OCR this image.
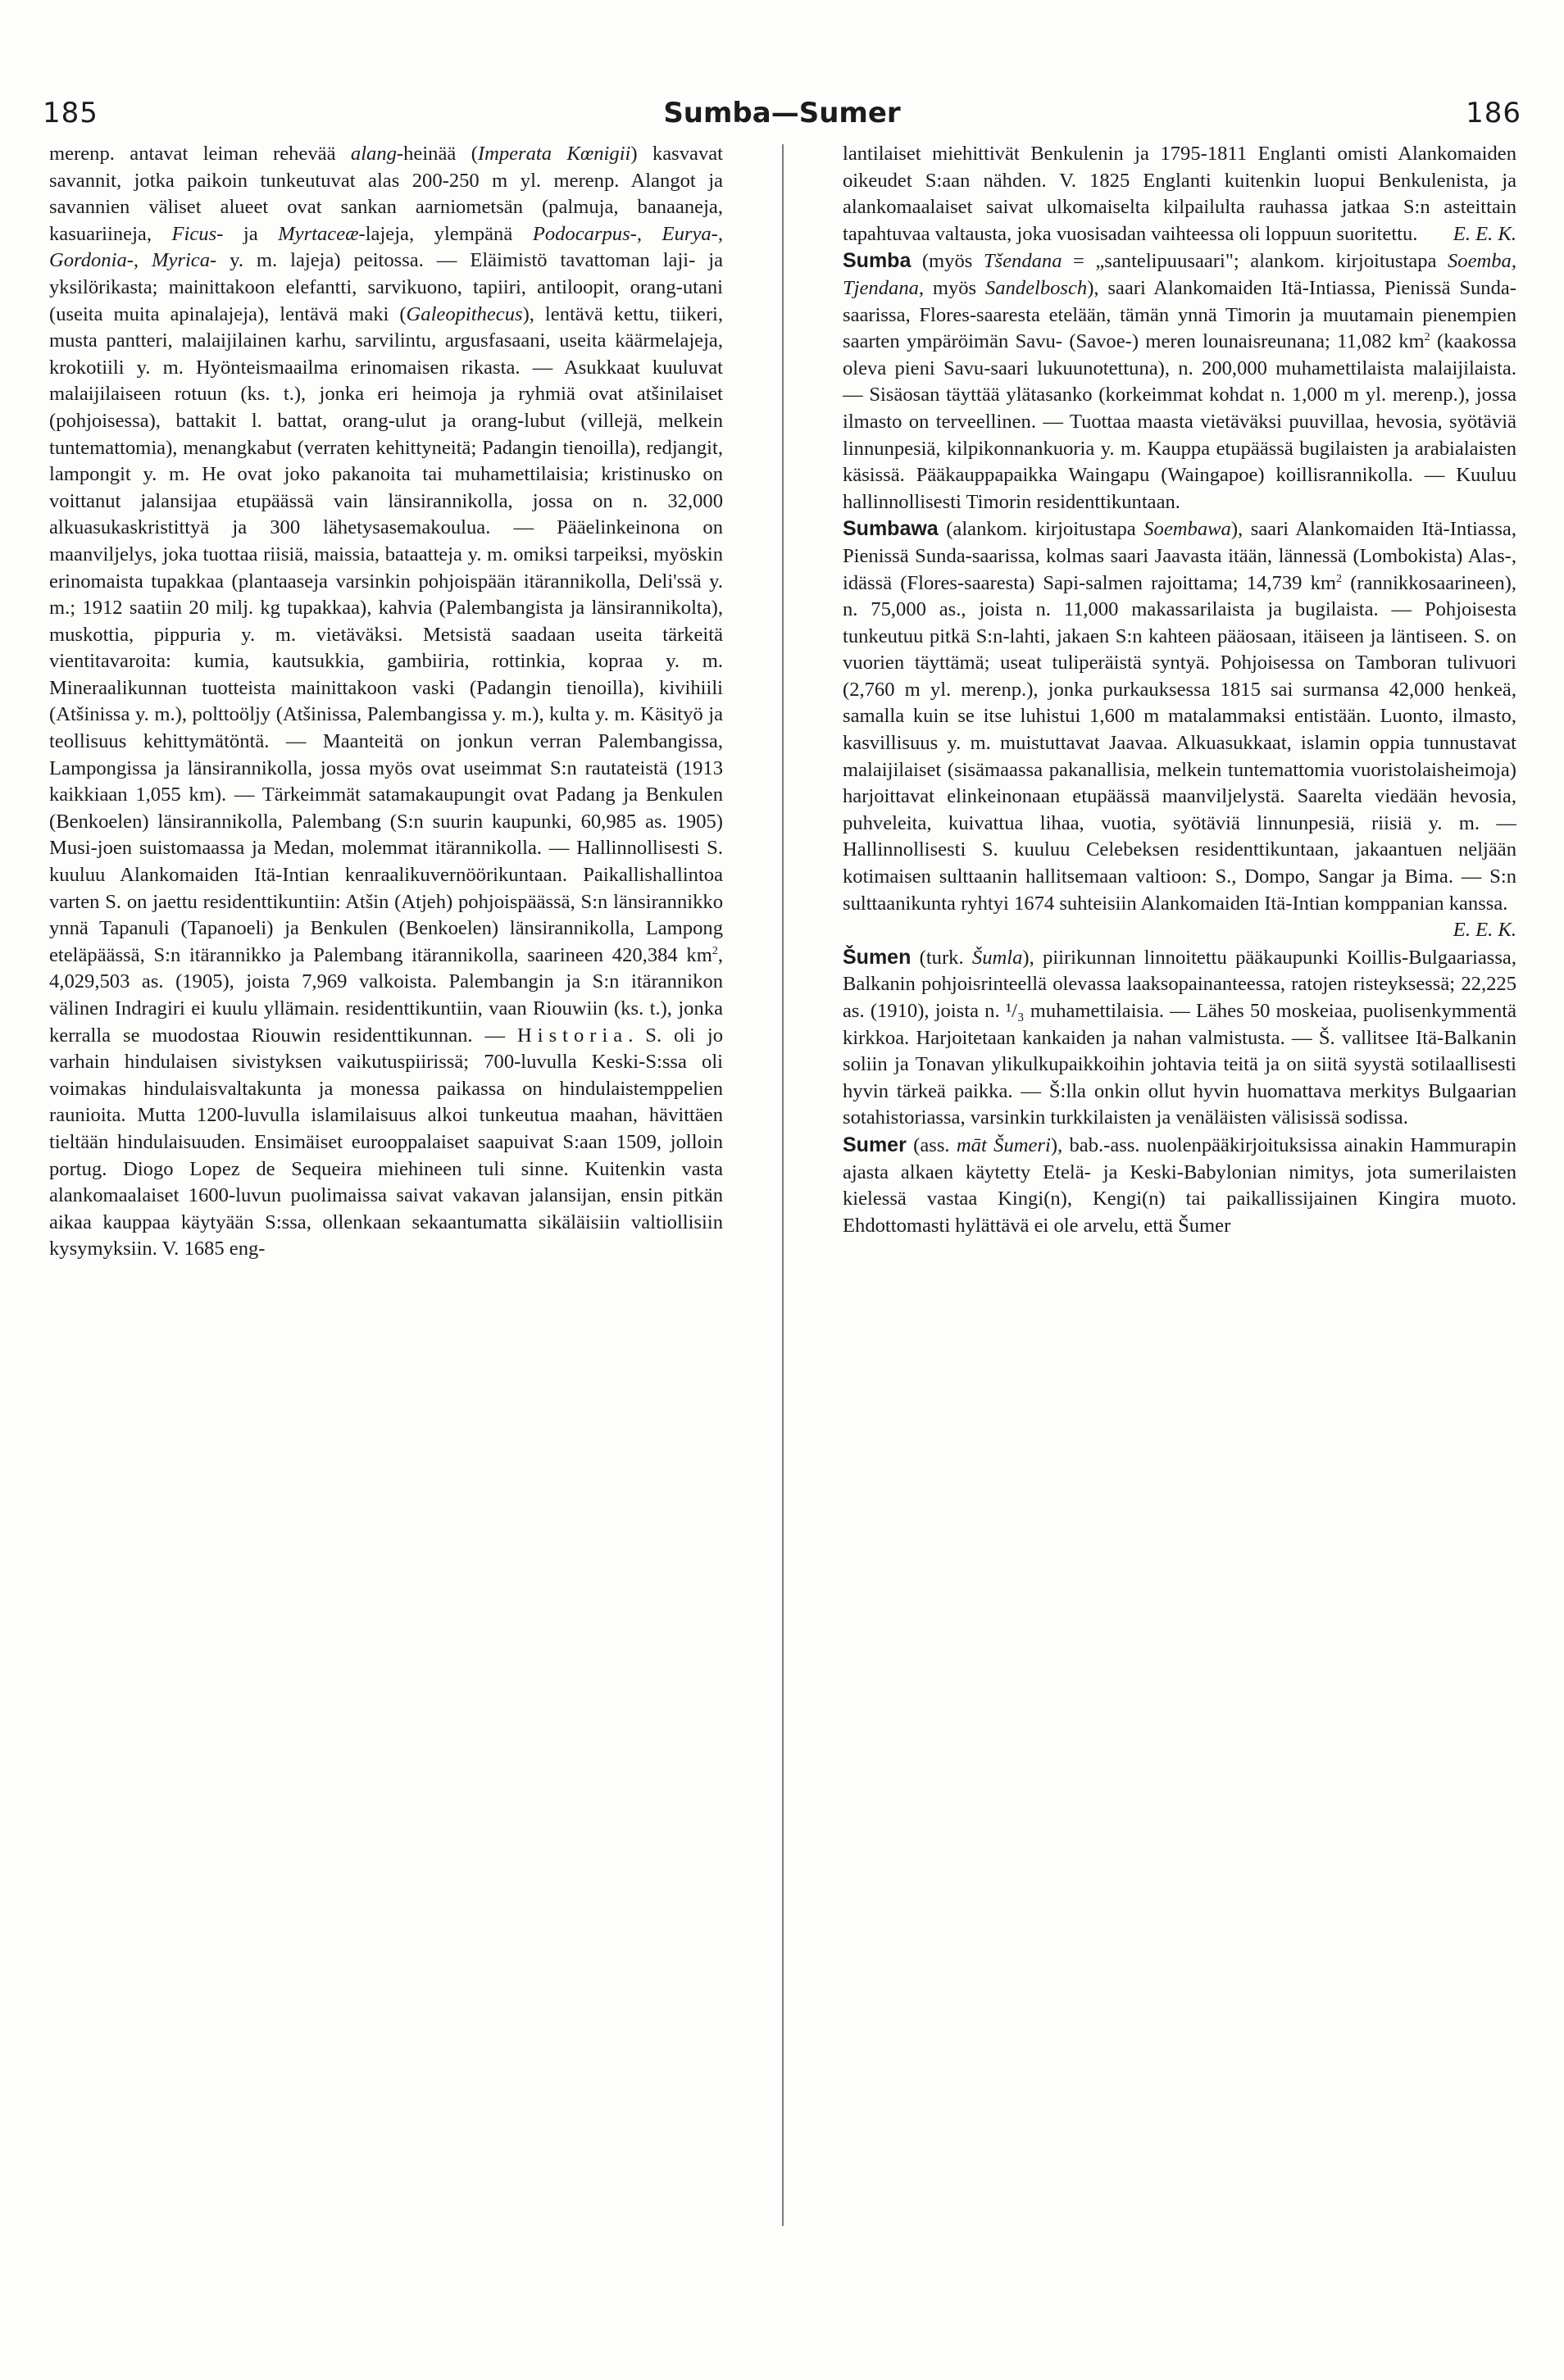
185	Sumba—Sumer	186

merenp. antavat leiman rehevää alang-heinää (Imperata Kœnigii) kasvavat savannit, jotka paikoin tunkeutuvat alas 200-250 m yl. merenp. Alangot ja savannien väliset alueet ovat sankan aarniometsän (palmuja, banaaneja, kasuariineja, Ficus- ja Myrtaceæ-lajeja, ylempänä Podocarpus-, Eurya-, Gordonia-, Myrica- y. m. lajeja) peitossa. — Eläimistö tavattoman laji- ja yksilörikasta; mainittakoon elefantti, sarvikuono, tapiiri, antiloopit, orang-utani (useita muita apinalajeja), lentävä maki (Galeopithecus), lentävä kettu, tiikeri, musta pantteri, malaijilainen karhu, sarvilintu, argusfasaani, useita käärmelajeja, krokotiili y. m. Hyönteismaailma erinomaisen rikasta. — Asukkaat kuuluvat malaijilaiseen rotuun (ks. t.), jonka eri heimoja ja ryhmiä ovat atšinilaiset (pohjoisessa), battakit l. battat, orang-ulut ja orang-lubut (villejä, melkein tuntemattomia), menangkabut (verraten kehittyneitä; Padangin tienoilla), redjangit, lampongit y. m. He ovat joko pakanoita tai muhamettilaisia; kristinusko on voittanut jalansijaa etupäässä vain länsirannikolla, jossa on n. 32,000 alkuasukaskristittyä ja 300 lähetysasemakoulua. — Pääelinkeinona on maanviljelys, joka tuottaa riisiä, maissia, bataatteja y. m. omiksi tarpeiksi, myöskin erinomaista tupakkaa (plantaaseja varsinkin pohjoispään itärannikolla, Deli'ssä y. m.; 1912 saatiin 20 milj. kg tupakkaa), kahvia (Palembangista ja länsirannikolta), muskottia, pippuria y. m. vietäväksi. Metsistä saadaan useita tärkeitä vientitavaroita: kumia, kautsukkia, gambiiria, rottinkia, kopraa y. m. Mineraalikunnan tuotteista mainittakoon vaski (Padangin tienoilla), kivihiili (Atšinissa y. m.), polttoöljy (Atšinissa, Palembangissa y. m.), kulta y. m. Käsityö ja teollisuus kehittymätöntä. — Maanteitä on jonkun verran Palembangissa, Lampongissa ja länsirannikolla, jossa myös ovat useimmat S:n rautateistä (1913 kaikkiaan 1,055 km). — Tärkeimmät satamakaupungit ovat Padang ja Benkulen (Benkoelen) länsirannikolla, Palembang (S:n suurin kaupunki, 60,985 as. 1905) Musi-joen suistomaassa ja Medan, molemmat itärannikolla. — Hallinnollisesti S. kuuluu Alankomaiden Itä-Intian kenraalikuvernöörikuntaan. Paikallishallintoa varten S. on jaettu residenttikuntiin: Atšin (Atjeh) pohjoispäässä, S:n länsirannikko ynnä Tapanuli (Tapanoeli) ja Benkulen (Benkoelen) länsirannikolla, Lampong eteläpäässä, S:n itärannikko ja Palembang itärannikolla, saarineen 420,384 $km^2$, 4,029,503 as. (1905), joista 7,969 valkoista. Palembangin ja S:n itärannikon välinen Indragiri ei kuulu yllämain. residenttikuntiin, vaan Riouwiin (ks. t.), jonka kerralla se muodostaa Riouwin residenttikunnan. — Historia. S. oli jo varhain hindulaisen sivistyksen vaikutuspiirissä; 700-luvulla Keski-S:ssa oli voimakas hindulaisvaltakunta ja monessa paikassa on hindulaistemppelien raunioita. Mutta 1200-luvulla islamilaisuus alkoi tunkeutua maahan, hävittäen tieltään hindulaisuuden. Ensimäiset eurooppalaiset saapuivat S:aan 1509, jolloin portug. Diogo Lopez de Sequeira miehineen tuli sinne. Kuitenkin vasta alankomaalaiset 1600-luvun puolimaissa saivat vakavan jalansijan, ensin pitkän aikaa kauppaa käytyään S:ssa, ollenkaan sekaantumatta sikäläisiin valtiollisiin kysymyksiin. V. 1685 eng-

lantilaiset miehittivät Benkulenin ja 1795-1811 Englanti omisti Alankomaiden oikeudet S:aan nähden. V. 1825 Englanti kuitenkin luopui Benkulenista, ja alankomaalaiset saivat ulkomaiselta kilpailulta rauhassa jatkaa S:n asteittain tapahtuvaa valtausta, joka vuosisadan vaihteessa oli loppuun suoritettu. E. E. K.

Sumba (myös Tšendana = „santelipuusaari"; alankom. kirjoitustapa Soemba, Tjendana, myös Sandelbosch), saari Alankomaiden Itä-Intiassa, Pienissä Sunda-saarissa, Flores-saaresta etelään, tämän ynnä Timorin ja muutamain pienempien saarten ympäröimän Savu- (Savoe-) meren lounaisreunana; 11,082 $km^2$ (kaakossa oleva pieni Savu-saari lukuunotettuna), n. 200,000 muhamettilaista malaijilaista. — Sisäosan täyttää ylätasanko (korkeimmat kohdat n. 1,000 m yl. merenp.), jossa ilmasto on terveellinen. — Tuottaa maasta vietäväksi puuvillaa, hevosia, syötäviä linnunpesiä, kilpikonnankuoria y. m. Kauppa etupäässä bugilaisten ja arabialaisten käsissä. Pääkauppapaikka Waingapu (Waingapoe) koillisrannikolla. — Kuuluu hallinnollisesti Timorin residenttikuntaan.

Sumbawa (alankom. kirjoitustapa Soembawa), saari Alankomaiden Itä-Intiassa, Pienissä Sunda-saarissa, kolmas saari Jaavasta itään, lännessä (Lombokista) Alas-, idässä (Flores-saaresta) Sapi-salmen rajoittama; 14,739 $km^2$ (rannikkosaarineen), n. 75,000 as., joista n. 11,000 makassarilaista ja bugilaista. — Pohjoisesta tunkeutuu pitkä S:n-lahti, jakaen S:n kahteen pääosaan, itäiseen ja läntiseen. S. on vuorien täyttämä; useat tuliperäistä syntyä. Pohjoisessa on Tamboran tulivuori (2,760 m yl. merenp.), jonka purkauksessa 1815 sai surmansa 42,000 henkeä, samalla kuin se itse luhistui 1,600 m matalammaksi entistään. Luonto, ilmasto, kasvillisuus y. m. muistuttavat Jaavaa. Alkuasukkaat, islamin oppia tunnustavat malaijilaiset (sisämaassa pakanallisia, melkein tuntemattomia vuoristolaisheimoja) harjoittavat elinkeinonaan etupäässä maanviljelystä. Saarelta viedään hevosia, puhveleita, kuivattua lihaa, vuotia, syötäviä linnunpesiä, riisiä y. m. — Hallinnollisesti S. kuuluu Celebeksen residenttikuntaan, jakaantuen neljään kotimaisen sulttaanin hallitsemaan valtioon: S., Dompo, Sangar ja Bima. — S:n sulttaanikunta ryhtyi 1674 suhteisiin Alankomaiden Itä-Intian komppanian kanssa.
E. E. K.

Šumen (turk. Šumla), piirikunnan linnoitettu pääkaupunki Koillis-Bulgaariassa, Balkanin pohjoisrinteellä olevassa laaksopainanteessa, ratojen risteyksessä; 22,225 as. (1910), joista n. ¹/₃ muhamettilaisia. — Lähes 50 moskeiaa, puolisenkymmentä kirkkoa. Harjoitetaan kankaiden ja nahan valmistusta. — Š. vallitsee Itä-Balkanin soliin ja Tonavan ylikulkupaikkoihin johtavia teitä ja on siitä syystä sotilaallisesti hyvin tärkeä paikka. — Š:lla onkin ollut hyvin huomattava merkitys Bulgaarian sotahistoriassa, varsinkin turkkilaisten ja venäläisten välisissä sodissa.

Sumer (ass. māt Šumeri), bab.-ass. nuolenpääkirjoituksissa ainakin Hammurapin ajasta alkaen käytetty Etelä- ja Keski-Babylonian nimitys, jota sumerilaisten kielessä vastaa Kingi(n), Kengi(n) tai paikallissijainen Kingira muoto. Ehdottomasti hylättävä ei ole arvelu, että Šumer
